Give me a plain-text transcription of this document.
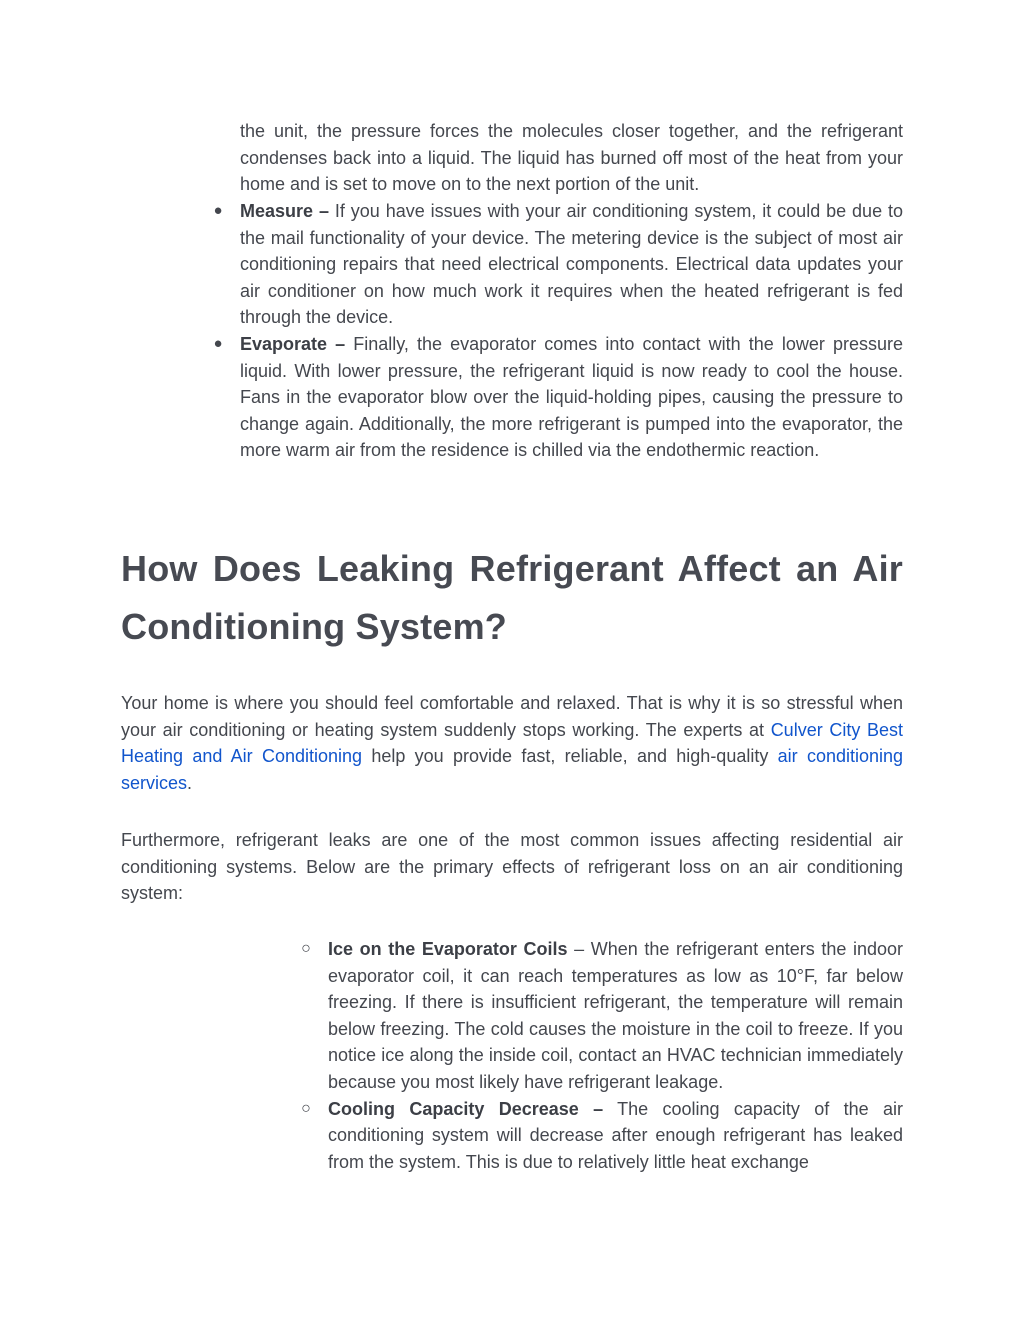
the unit, the pressure forces the molecules closer together, and the refrigerant condenses back into a liquid. The liquid has burned off most of the heat from your home and is set to move on to the next portion of the unit.
● Measure – If you have issues with your air conditioning system, it could be due to the mail functionality of your device. The metering device is the subject of most air conditioning repairs that need electrical components. Electrical data updates your air conditioner on how much work it requires when the heated refrigerant is fed through the device.
● Evaporate – Finally, the evaporator comes into contact with the lower pressure liquid. With lower pressure, the refrigerant liquid is now ready to cool the house. Fans in the evaporator blow over the liquid-holding pipes, causing the pressure to change again. Additionally, the more refrigerant is pumped into the evaporator, the more warm air from the residence is chilled via the endothermic reaction.
How Does Leaking Refrigerant Affect an Air Conditioning System?

Your home is where you should feel comfortable and relaxed. That is why it is so stressful when your air conditioning or heating system suddenly stops working. The experts at Culver City Best Heating and Air Conditioning help you provide fast, reliable, and high-quality air conditioning services.

Furthermore, refrigerant leaks are one of the most common issues affecting residential air conditioning systems. Below are the primary effects of refrigerant loss on an air conditioning system:

○ Ice on the Evaporator Coils – When the refrigerant enters the indoor evaporator coil, it can reach temperatures as low as 10°F, far below freezing. If there is insufficient refrigerant, the temperature will remain below freezing. The cold causes the moisture in the coil to freeze. If you notice ice along the inside coil, contact an HVAC technician immediately because you most likely have refrigerant leakage.
○ Cooling Capacity Decrease – The cooling capacity of the air conditioning system will decrease after enough refrigerant has leaked from the system. This is due to relatively little heat exchange
